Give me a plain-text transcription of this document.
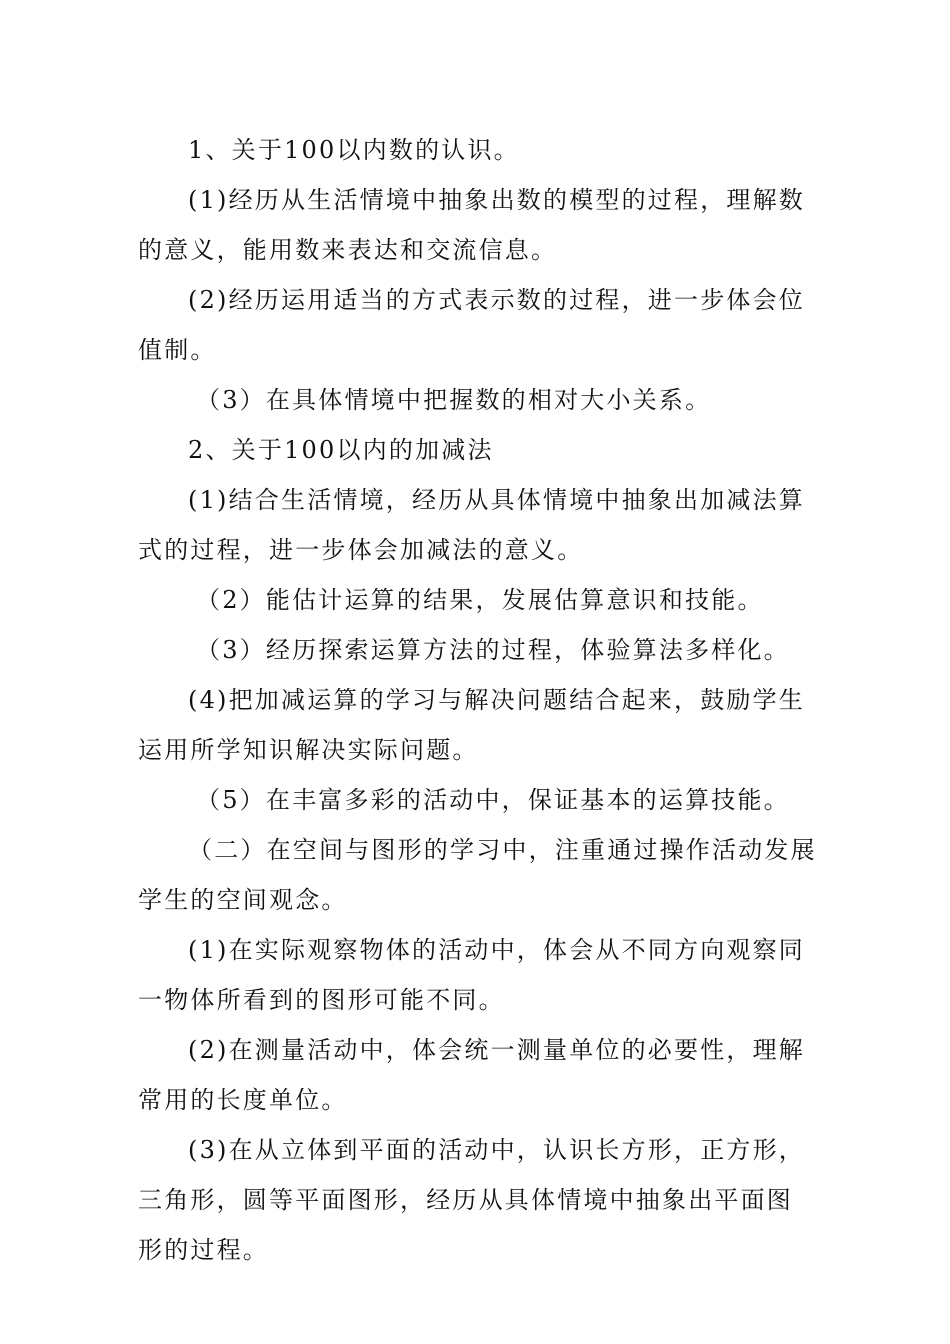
1、关于100以内数的认识。

(1)经历从生活情境中抽象出数的模型的过程，理解数的意义，能用数来表达和交流信息。

(2)经历运用适当的方式表示数的过程，进一步体会位值制。

（3）在具体情境中把握数的相对大小关系。

2、关于100以内的加减法

(1)结合生活情境，经历从具体情境中抽象出加减法算式的过程，进一步体会加减法的意义。

（2）能估计运算的结果，发展估算意识和技能。

（3）经历探索运算方法的过程，体验算法多样化。

(4)把加减运算的学习与解决问题结合起来，鼓励学生运用所学知识解决实际问题。

（5）在丰富多彩的活动中，保证基本的运算技能。

（二）在空间与图形的学习中，注重通过操作活动发展学生的空间观念。

(1)在实际观察物体的活动中，体会从不同方向观察同一物体所看到的图形可能不同。

(2)在测量活动中，体会统一测量单位的必要性，理解常用的长度单位。

(3)在从立体到平面的活动中，认识长方形，正方形，三角形，圆等平面图形，经历从具体情境中抽象出平面图形的过程。
